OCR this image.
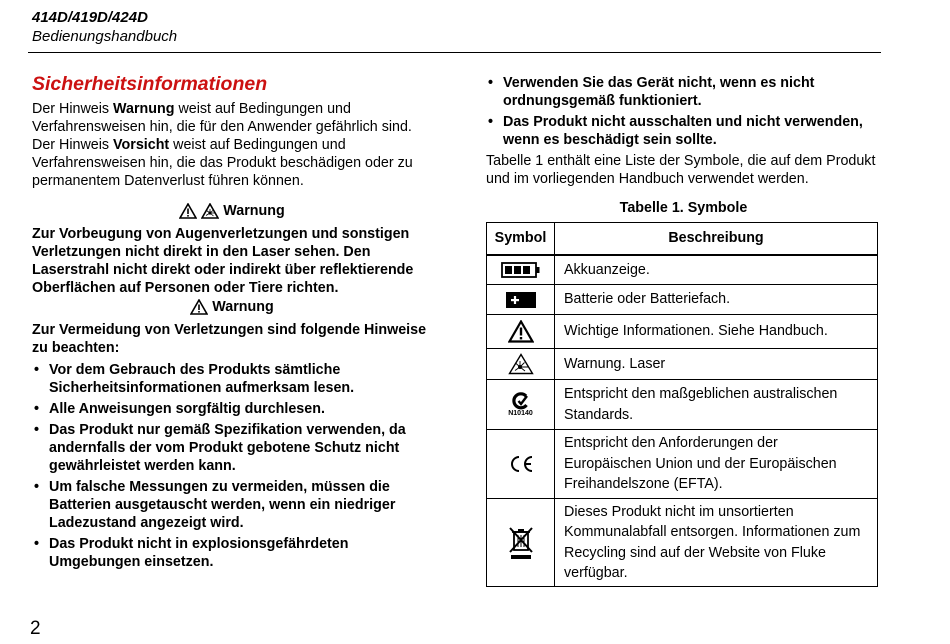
414D/419D/424D
Bedienungshandbuch
Sicherheitsinformationen

Der Hinweis Warnung weist auf Bedingungen und Verfahrensweisen hin, die für den Anwender gefährlich sind. Der Hinweis Vorsicht weist auf Bedingungen und Verfahrensweisen hin, die das Produkt beschädigen oder zu permanentem Datenverlust führen können.

Warnung

Zur Vorbeugung von Augenverletzungen und sonstigen Verletzungen nicht direkt in den Laser sehen. Den Laserstrahl nicht direkt oder indirekt über reflektierende Oberflächen auf Personen oder Tiere richten.

Warnung

Zur Vermeidung von Verletzungen sind folgende Hinweise zu beachten:

• Vor dem Gebrauch des Produkts sämtliche Sicherheitsinformationen aufmerksam lesen.
• Alle Anweisungen sorgfältig durchlesen.
• Das Produkt nur gemäß Spezifikation verwenden, da andernfalls der vom Produkt gebotene Schutz nicht gewährleistet werden kann.
• Um falsche Messungen zu vermeiden, müssen die Batterien ausgetauscht werden, wenn ein niedriger Ladezustand angezeigt wird.
• Das Produkt nicht in explosionsgefährdeten Umgebungen einsetzen.
• Verwenden Sie das Gerät nicht, wenn es nicht ordnungsgemäß funktioniert.
• Das Produkt nicht ausschalten und nicht verwenden, wenn es beschädigt sein sollte.

Tabelle 1 enthält eine Liste der Symbole, die auf dem Produkt und im vorliegenden Handbuch verwendet werden.

Tabelle 1. Symbole
Symbol	Beschreibung
	Akkuanzeige.
	Batterie oder Batteriefach.
	Wichtige Informationen. Siehe Handbuch.
	Warnung. Laser

N10140	Entspricht den maßgeblichen australischen Standards.
	Entspricht den Anforderungen der Europäischen Union und der Europäischen Freihandelszone (EFTA).
	Dieses Produkt nicht im unsortierten Kommunalabfall entsorgen. Informationen zum Recycling sind auf der Website von Fluke verfügbar.
2
